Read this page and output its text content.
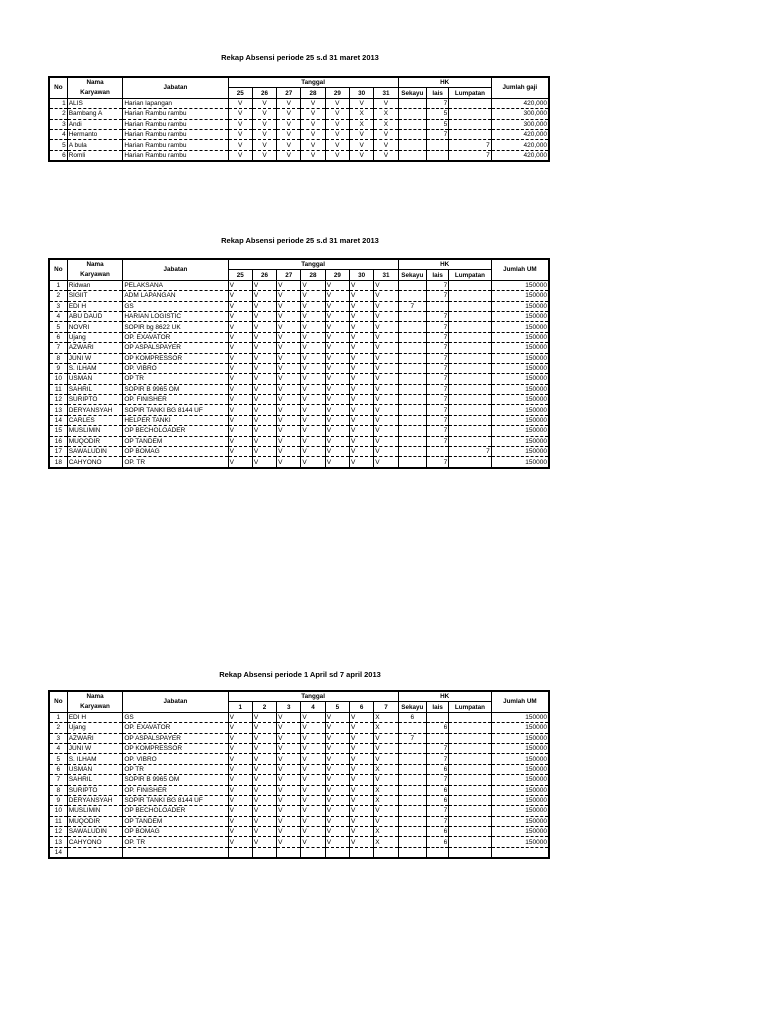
Rekap Absensi periode 25 s.d 31 maret 2013
No	Nama	Jabatan	Tanggal							HK			Jumlah gaji
	Karyawan		25	26	27	28	29	30	31	Sekayu	lais	Lumpatan	
1	ALIS	Harian lapangan	V	V	V	V	V	V	V		7		420,000
2	Bambang A	Harian Rambu rambu	V	V	V	V	V	X	X		5		300,000
3	Andi	Harian Rambu rambu	V	V	V	V	V	X	X		5		300,000
4	Hermanto	Harian Rambu rambu	V	V	V	V	V	V	V		7		420,000
5	A bula	Harian Rambu rambu	V	V	V	V	V	V	V			7	420,000
6	Romli	Harian Rambu rambu	V	V	V	V	V	V	V			7	420,000
Rekap Absensi periode 25 s.d 31 maret 2013
No	Nama	Jabatan	Tanggal							HK			Jumlah UM
	Karyawan		25	26	27	28	29	30	31	Sekayu	lais	Lumpatan	
1	Ridwan	PELAKSANA	V	V	V	V	V	V	V		7		150000
2	SIGIIT	ADM LAPANGAN	V	V	V	V	V	V	V		7		150000
3	EDI H	GS	V	V	V	V	V	V	V	7			150000
4	ABU DAUD	HARIAN LOGISTIC	V	V	V	V	V	V	V		7		150000
5	NOVRI	SOPIR bg 8622 UK	V	V	V	V	V	V	V		7		150000
6	Ujang	OP. EXAVATOR	V	V	V	V	V	V	V		7		150000
7	AZWARI	OP ASPALSPAYER	V	V	V	V	V	V	V		7		150000
8	JUNI W	OP KOMPRESSOR	V	V	V	V	V	V	V		7		150000
9	S. ILHAM	OP. VIBRO	V	V	V	V	V	V	V		7		150000
10	USMAN	OP TR	V	V	V	V	V	V	V		7		150000
11	SAHRIL	SOPIR B 9965 OM	V	V	V	V	V	V	V		7		150000
12	SURIPTO	OP. FINISHER	V	V	V	V	V	V	V		7		150000
13	DERYANSYAH	SOPIR TANKI BG 8144 UF	V	V	V	V	V	V	V		7		150000
14	CARLES	HELPER TANKI	V	V	V	V	V	V	V		7		150000
15	MUSLIMIN	OP BECHOLOADER	V	V	V	V	V	V	V		7		150000
16	MUQODIR	OP TANDEM	V	V	V	V	V	V	V		7		150000
17	SAWALUDIN	OP BOMAG	V	V	V	V	V	V	V			7	150000
18	CAHYONO	OP. TR	V	V	V	V	V	V	V		7		150000
Rekap Absensi periode 1 April sd 7 april 2013
No	Nama	Jabatan	Tanggal							HK			Jumlah UM
	Karyawan		1	2	3	4	5	6	7	Sekayu	lais	Lumpatan	
1	EDI H	GS	V	V	V	V	V	V	X	6			150000
2	Ujang	OP. EXAVATOR	V	V	V	V	V	V	X		6		150000
3	AZWARI	OP ASPALSPAYER	V	V	V	V	V	V	V	7			150000
4	JUNI W	OP KOMPRESSOR	V	V	V	V	V	V	V		7		150000
5	S. ILHAM	OP. VIBRO	V	V	V	V	V	V	V		7		150000
6	USMAN	OP TR	V	V	V	V	V	V	X		6		150000
7	SAHRIL	SOPIR B 9965 OM	V	V	V	V	V	V	V		7		150000
8	SURIPTO	OP. FINISHER	V	V	V	V	V	V	X		6		150000
9	DERYANSYAH	SOPIR TANKI BG 8144 UF	V	V	V	V	V	V	X		6		150000
10	MUSLIMIN	OP BECHOLOADER	V	V	V	V	V	V	V		7		150000
11	MUQODIR	OP TANDEM	V	V	V	V	V	V	V		7		150000
12	SAWALUDIN	OP BOMAG	V	V	V	V	V	V	X		6		150000
13	CAHYONO	OP. TR	V	V	V	V	V	V	X		6		150000
14													
